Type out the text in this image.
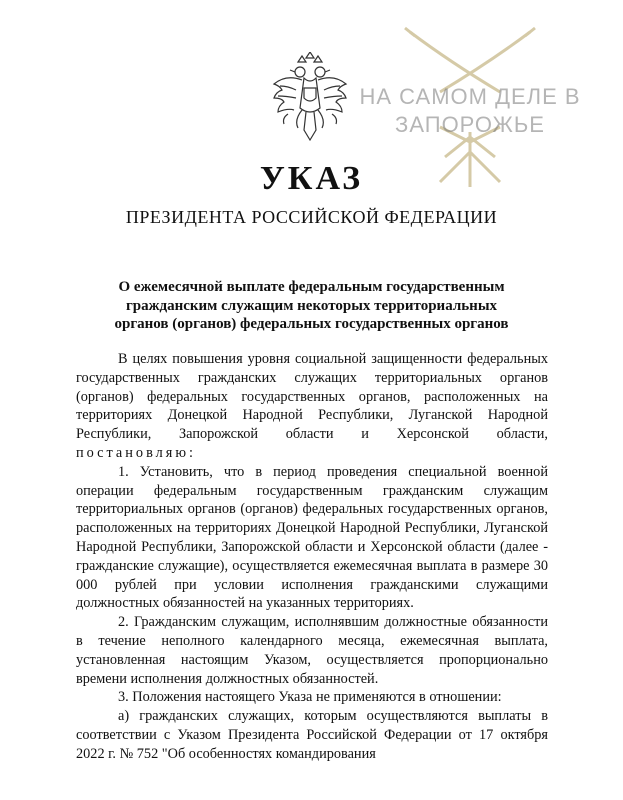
НА САМОМ ДЕЛЕ В
ЗАПОРОЖЬЕ
УКАЗ
ПРЕЗИДЕНТА РОССИЙСКОЙ ФЕДЕРАЦИИ
О ежемесячной выплате федеральным государственным
гражданским служащим некоторых территориальных
органов (органов) федеральных государственных органов

В целях повышения уровня социальной защищенности федеральных государственных гражданских служащих территориальных органов (органов) федеральных государственных органов, расположенных на территориях Донецкой Народной Республики, Луганской Народной Республики, Запорожской области и Херсонской области, постановляю:

1. Установить, что в период проведения специальной военной операции федеральным государственным гражданским служащим территориальных органов (органов) федеральных государственных органов, расположенных на территориях Донецкой Народной Республики, Луганской Народной Республики, Запорожской области и Херсонской области (далее - гражданские служащие), осуществляется ежемесячная выплата в размере 30 000 рублей при условии исполнения гражданскими служащими должностных обязанностей на указанных территориях.

2. Гражданским служащим, исполнявшим должностные обязанности в течение неполного календарного месяца, ежемесячная выплата, установленная настоящим Указом, осуществляется пропорционально времени исполнения должностных обязанностей.

3. Положения настоящего Указа не применяются в отношении:

а) гражданских служащих, которым осуществляются выплаты в соответствии с Указом Президента Российской Федерации от 17 октября 2022 г. № 752 "Об особенностях командирования
